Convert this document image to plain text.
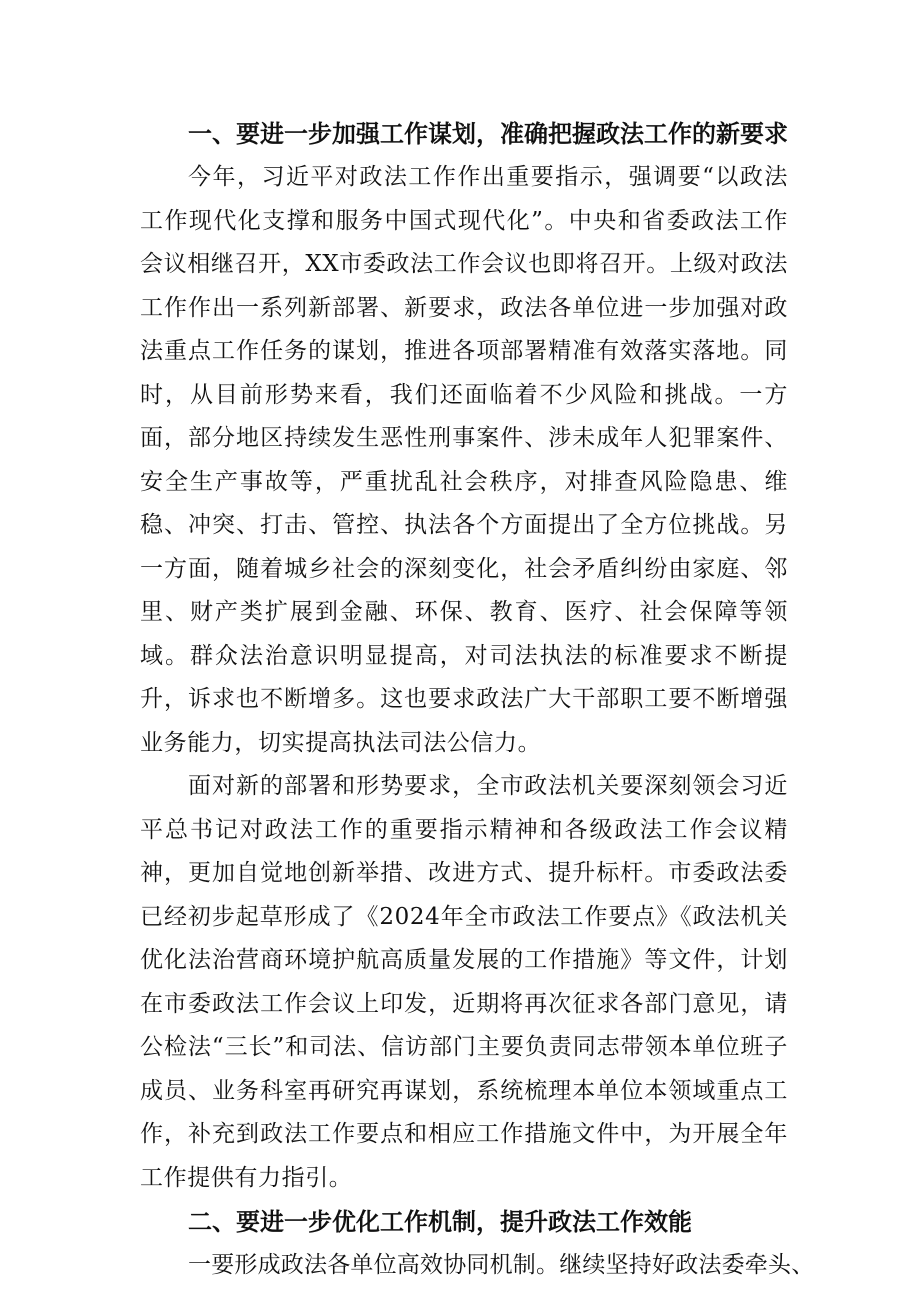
一、要进一步加强工作谋划，准确把握政法工作的新要求

今年，习近平对政法工作作出重要指示，强调要“以政法工作现代化支撑和服务中国式现代化”。中央和省委政法工作会议相继召开，XX市委政法工作会议也即将召开。上级对政法工作作出一系列新部署、新要求，政法各单位进一步加强对政法重点工作任务的谋划，推进各项部署精准有效落实落地。同时，从目前形势来看，我们还面临着不少风险和挑战。一方面，部分地区持续发生恶性刑事案件、涉未成年人犯罪案件、安全生产事故等，严重扰乱社会秩序，对排查风险隐患、维稳、冲突、打击、管控、执法各个方面提出了全方位挑战。另一方面，随着城乡社会的深刻变化，社会矛盾纠纷由家庭、邻里、财产类扩展到金融、环保、教育、医疗、社会保障等领域。群众法治意识明显提高，对司法执法的标准要求不断提升，诉求也不断增多。这也要求政法广大干部职工要不断增强业务能力，切实提高执法司法公信力。

面对新的部署和形势要求，全市政法机关要深刻领会习近平总书记对政法工作的重要指示精神和各级政法工作会议精神，更加自觉地创新举措、改进方式、提升标杆。市委政法委已经初步起草形成了《2024年全市政法工作要点》《政法机关优化法治营商环境护航高质量发展的工作措施》等文件，计划在市委政法工作会议上印发，近期将再次征求各部门意见，请公检法“三长”和司法、信访部门主要负责同志带领本单位班子成员、业务科室再研究再谋划，系统梳理本单位本领域重点工作，补充到政法工作要点和相应工作措施文件中，为开展全年工作提供有力指引。

二、要进一步优化工作机制，提升政法工作效能

一要形成政法各单位高效协同机制。继续坚持好政法委牵头、
